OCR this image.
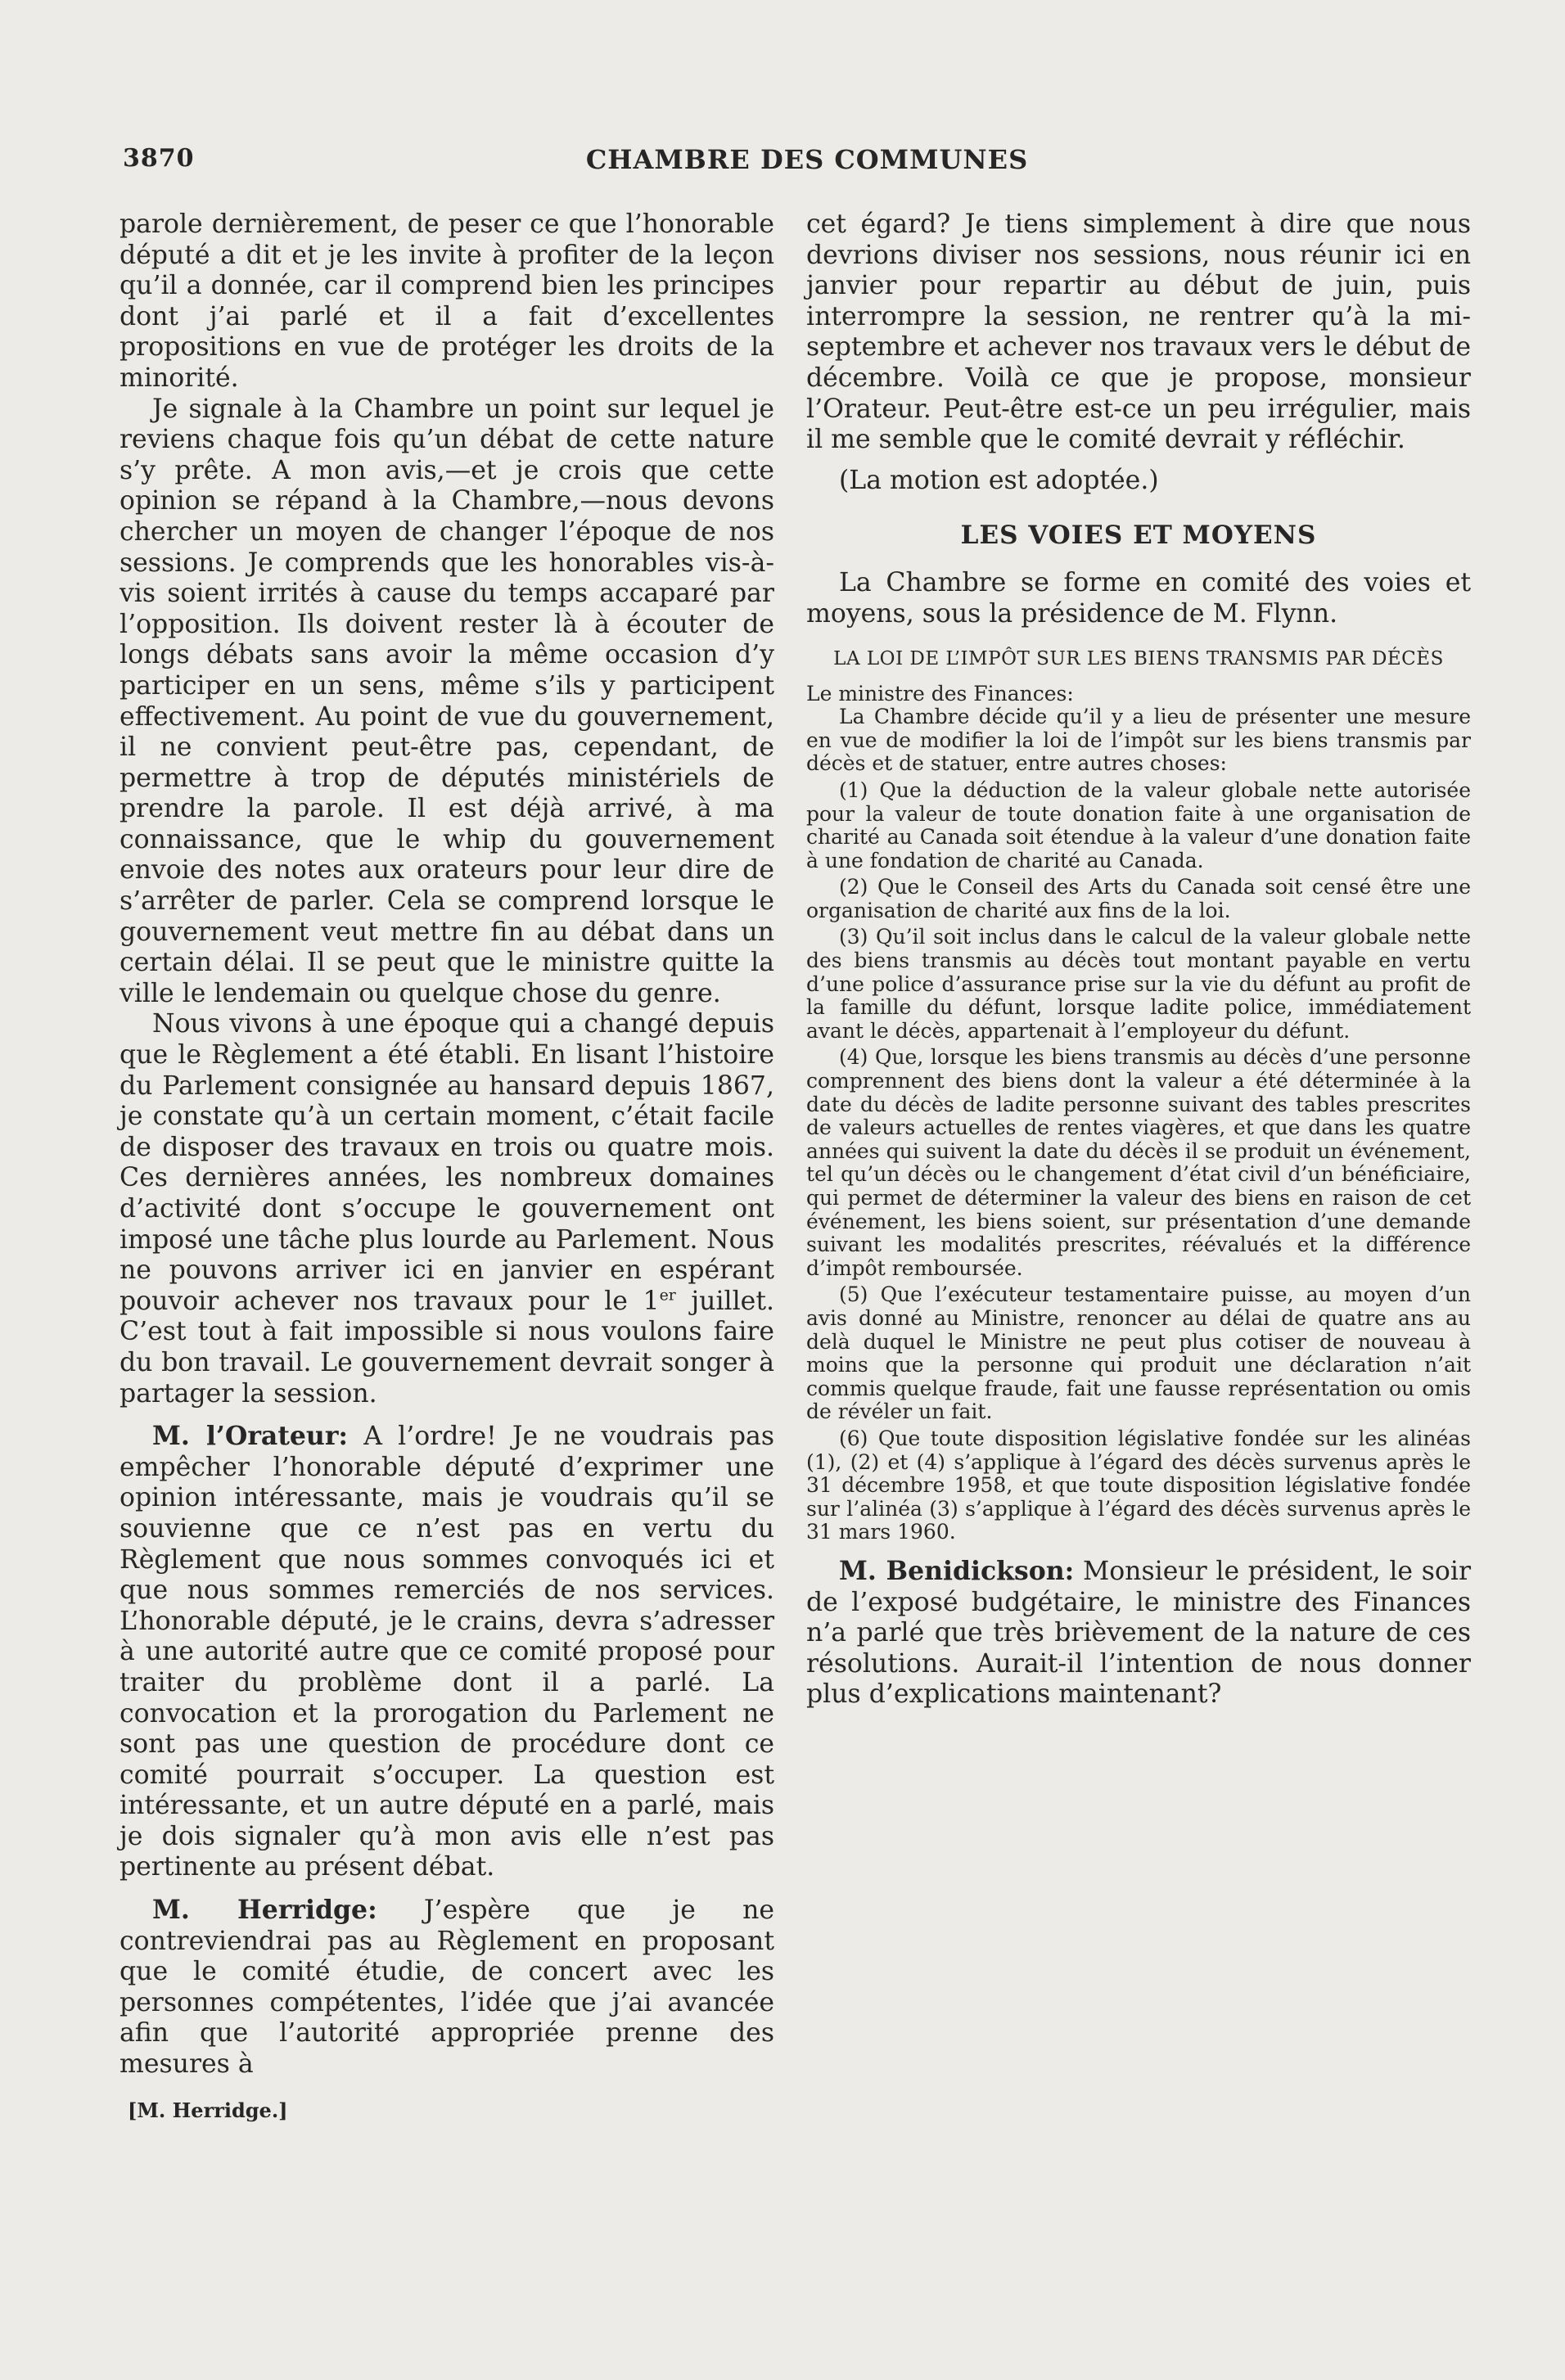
3870	CHAMBRE DES COMMUNES

parole dernièrement, de peser ce que l’honorable député a dit et je les invite à profiter de la leçon qu’il a donnée, car il comprend bien les principes dont j’ai parlé et il a fait d’excellentes propositions en vue de protéger les droits de la minorité.

Je signale à la Chambre un point sur lequel je reviens chaque fois qu’un débat de cette nature s’y prête. A mon avis,—et je crois que cette opinion se répand à la Chambre,—nous devons chercher un moyen de changer l’époque de nos sessions. Je comprends que les honorables vis-à-vis soient irrités à cause du temps accaparé par l’opposition. Ils doivent rester là à écouter de longs débats sans avoir la même occasion d’y participer en un sens, même s’ils y participent effectivement. Au point de vue du gouvernement, il ne convient peut-être pas, cependant, de permettre à trop de députés ministériels de prendre la parole. Il est déjà arrivé, à ma connaissance, que le whip du gouvernement envoie des notes aux orateurs pour leur dire de s’arrêter de parler. Cela se comprend lorsque le gouvernement veut mettre fin au débat dans un certain délai. Il se peut que le ministre quitte la ville le lendemain ou quelque chose du genre.

Nous vivons à une époque qui a changé depuis que le Règlement a été établi. En lisant l’histoire du Parlement consignée au hansard depuis 1867, je constate qu’à un certain moment, c’était facile de disposer des travaux en trois ou quatre mois. Ces dernières années, les nombreux domaines d’activité dont s’occupe le gouvernement ont imposé une tâche plus lourde au Parlement. Nous ne pouvons arriver ici en janvier en espérant pouvoir achever nos travaux pour le 1er juillet. C’est tout à fait impossible si nous voulons faire du bon travail. Le gouvernement devrait songer à partager la session.

M. l’Orateur: A l’ordre! Je ne voudrais pas empêcher l’honorable député d’exprimer une opinion intéressante, mais je voudrais qu’il se souvienne que ce n’est pas en vertu du Règlement que nous sommes convoqués ici et que nous sommes remerciés de nos services. L’honorable député, je le crains, devra s’adresser à une autorité autre que ce comité proposé pour traiter du problème dont il a parlé. La convocation et la prorogation du Parlement ne sont pas une question de procédure dont ce comité pourrait s’occuper. La question est intéressante, et un autre député en a parlé, mais je dois signaler qu’à mon avis elle n’est pas pertinente au présent débat.

M. Herridge: J’espère que je ne contreviendrai pas au Règlement en proposant que le comité étudie, de concert avec les personnes compétentes, l’idée que j’ai avancée afin que l’autorité appropriée prenne des mesures à

[M. Herridge.]

cet égard? Je tiens simplement à dire que nous devrions diviser nos sessions, nous réunir ici en janvier pour repartir au début de juin, puis interrompre la session, ne rentrer qu’à la mi-septembre et achever nos travaux vers le début de décembre. Voilà ce que je propose, monsieur l’Orateur. Peut-être est-ce un peu irrégulier, mais il me semble que le comité devrait y réfléchir.

(La motion est adoptée.)

LES VOIES ET MOYENS

La Chambre se forme en comité des voies et moyens, sous la présidence de M. Flynn.

LA LOI DE L’IMPÔT SUR LES BIENS TRANSMIS PAR DÉCÈS

Le ministre des Finances:

La Chambre décide qu’il y a lieu de présenter une mesure en vue de modifier la loi de l’impôt sur les biens transmis par décès et de statuer, entre autres choses:

(1) Que la déduction de la valeur globale nette autorisée pour la valeur de toute donation faite à une organisation de charité au Canada soit étendue à la valeur d’une donation faite à une fondation de charité au Canada.

(2) Que le Conseil des Arts du Canada soit censé être une organisation de charité aux fins de la loi.

(3) Qu’il soit inclus dans le calcul de la valeur globale nette des biens transmis au décès tout montant payable en vertu d’une police d’assurance prise sur la vie du défunt au profit de la famille du défunt, lorsque ladite police, immédiatement avant le décès, appartenait à l’employeur du défunt.

(4) Que, lorsque les biens transmis au décès d’une personne comprennent des biens dont la valeur a été déterminée à la date du décès de ladite personne suivant des tables prescrites de valeurs actuelles de rentes viagères, et que dans les quatre années qui suivent la date du décès il se produit un événement, tel qu’un décès ou le changement d’état civil d’un bénéficiaire, qui permet de déterminer la valeur des biens en raison de cet événement, les biens soient, sur présentation d’une demande suivant les modalités prescrites, réévalués et la différence d’impôt remboursée.

(5) Que l’exécuteur testamentaire puisse, au moyen d’un avis donné au Ministre, renoncer au délai de quatre ans au delà duquel le Ministre ne peut plus cotiser de nouveau à moins que la personne qui produit une déclaration n’ait commis quelque fraude, fait une fausse représentation ou omis de révéler un fait.

(6) Que toute disposition législative fondée sur les alinéas (1), (2) et (4) s’applique à l’égard des décès survenus après le 31 décembre 1958, et que toute disposition législative fondée sur l’alinéa (3) s’applique à l’égard des décès survenus après le 31 mars 1960.

M. Benidickson: Monsieur le président, le soir de l’exposé budgétaire, le ministre des Finances n’a parlé que très brièvement de la nature de ces résolutions. Aurait-il l’intention de nous donner plus d’explications maintenant?
